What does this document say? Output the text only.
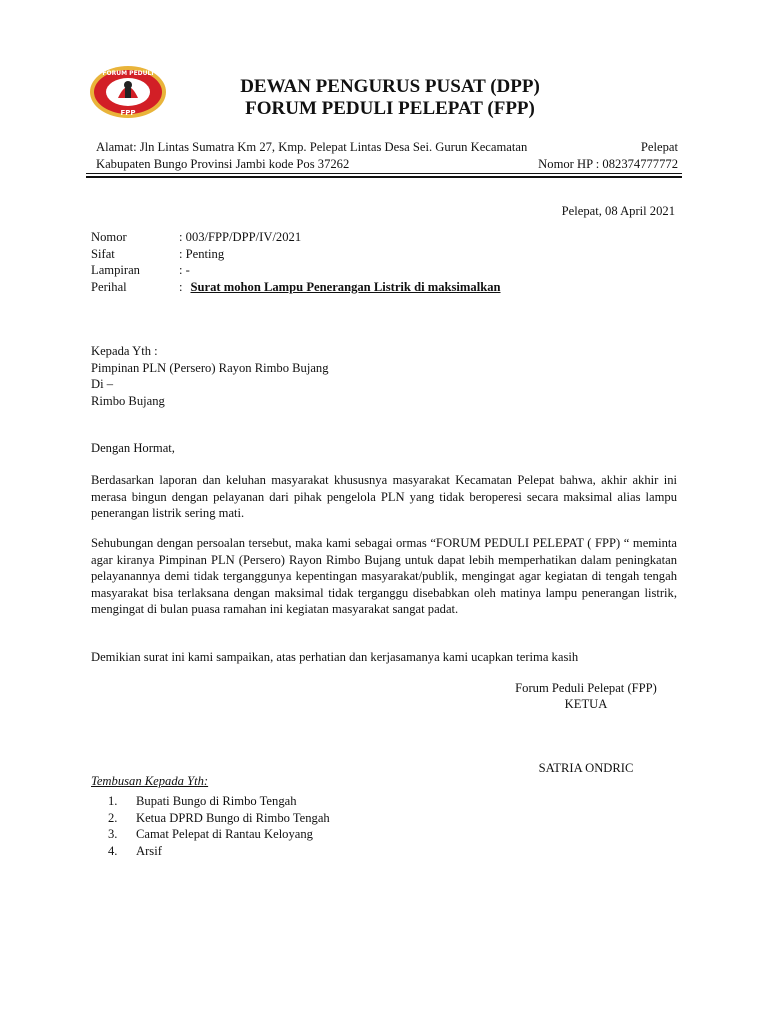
FORUM PEDULI
FPP
DEWAN PENGURUS PUSAT (DPP)
FORUM PEDULI PELEPAT (FPP)
Alamat: Jln Lintas Sumatra Km 27, Kmp. Pelepat Lintas Desa Sei. Gurun Kecamatan	Pelepat
Kabupaten Bungo Provinsi Jambi kode Pos 37262	Nomor HP : 082374777772
Pelepat, 08 April 2021
Nomor	: 003/FPP/DPP/IV/2021
Sifat	: Penting
Lampiran	: -
Perihal	: Surat mohon Lampu Penerangan Listrik di maksimalkan
Kepada Yth :
Pimpinan PLN (Persero) Rayon Rimbo Bujang
Di –
Rimbo Bujang
Dengan Hormat,
Berdasarkan laporan dan keluhan masyarakat khususnya masyarakat Kecamatan Pelepat bahwa, akhir akhir ini merasa bingun dengan pelayanan dari pihak pengelola PLN yang tidak beroperesi secara maksimal alias lampu penerangan listrik sering mati.
Sehubungan dengan persoalan tersebut, maka kami sebagai ormas “FORUM PEDULI PELEPAT ( FPP) “ meminta agar kiranya Pimpinan PLN (Persero) Rayon Rimbo Bujang untuk dapat lebih memperhatikan dalam peningkatan pelayanannya demi tidak terganggunya kepentingan masyarakat/publik, mengingat agar kegiatan di tengah tengah masyarakat bisa terlaksana dengan maksimal tidak terganggu disebabkan oleh matinya lampu penerangan listrik, mengingat di bulan puasa ramahan ini kegiatan masyarakat sangat padat.
Demikian surat ini kami sampaikan, atas perhatian dan kerjasamanya kami ucapkan terima kasih
Forum Peduli Pelepat (FPP)
KETUA
SATRIA ONDRIC
Tembusan Kepada Yth:
1. Bupati Bungo di Rimbo Tengah
2. Ketua DPRD Bungo di Rimbo Tengah
3. Camat Pelepat di Rantau Keloyang
4. Arsif
